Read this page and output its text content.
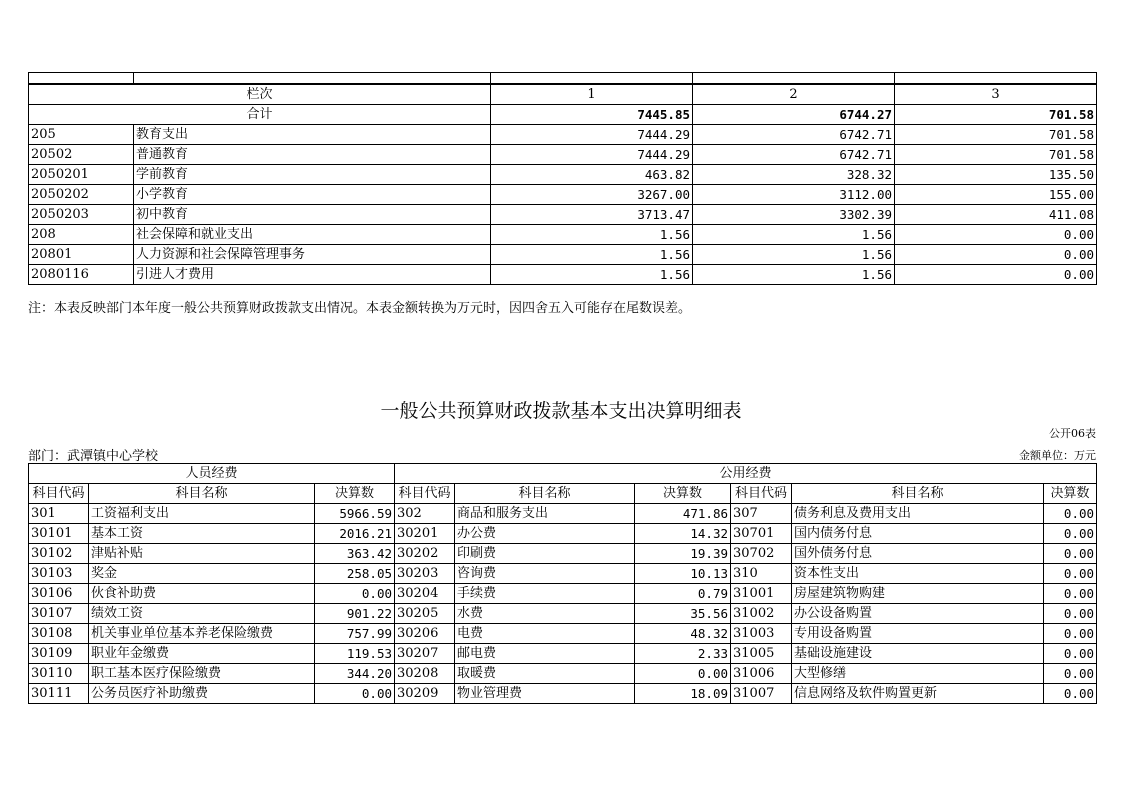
栏次		1	2	3
合计		7445.85	6744.27	701.58
205	教育支出	7444.29	6742.71	701.58
20502	普通教育	7444.29	6742.71	701.58
2050201	学前教育	463.82	328.32	135.50
2050202	小学教育	3267.00	3112.00	155.00
2050203	初中教育	3713.47	3302.39	411.08
208	社会保障和就业支出	1.56	1.56	0.00
20801	人力资源和社会保障管理事务	1.56	1.56	0.00
2080116	引进人才费用	1.56	1.56	0.00
注：本表反映部门本年度一般公共预算财政拨款支出情况。本表金额转换为万元时，因四舍五入可能存在尾数误差。
一般公共预算财政拨款基本支出决算明细表
公开06表
部门：武潭镇中心学校	金额单位：万元
人员经费			公用经费					
科目代码	科目名称	决算数	科目代码	科目名称	决算数	科目代码	科目名称	决算数
301	工资福利支出	5966.59	302	商品和服务支出	471.86	307	债务利息及费用支出	0.00
30101	基本工资	2016.21	30201	办公费	14.32	30701	国内债务付息	0.00
30102	津贴补贴	363.42	30202	印刷费	19.39	30702	国外债务付息	0.00
30103	奖金	258.05	30203	咨询费	10.13	310	资本性支出	0.00
30106	伙食补助费	0.00	30204	手续费	0.79	31001	房屋建筑物购建	0.00
30107	绩效工资	901.22	30205	水费	35.56	31002	办公设备购置	0.00
30108	机关事业单位基本养老保险缴费	757.99	30206	电费	48.32	31003	专用设备购置	0.00
30109	职业年金缴费	119.53	30207	邮电费	2.33	31005	基础设施建设	0.00
30110	职工基本医疗保险缴费	344.20	30208	取暖费	0.00	31006	大型修缮	0.00
30111	公务员医疗补助缴费	0.00	30209	物业管理费	18.09	31007	信息网络及软件购置更新	0.00
